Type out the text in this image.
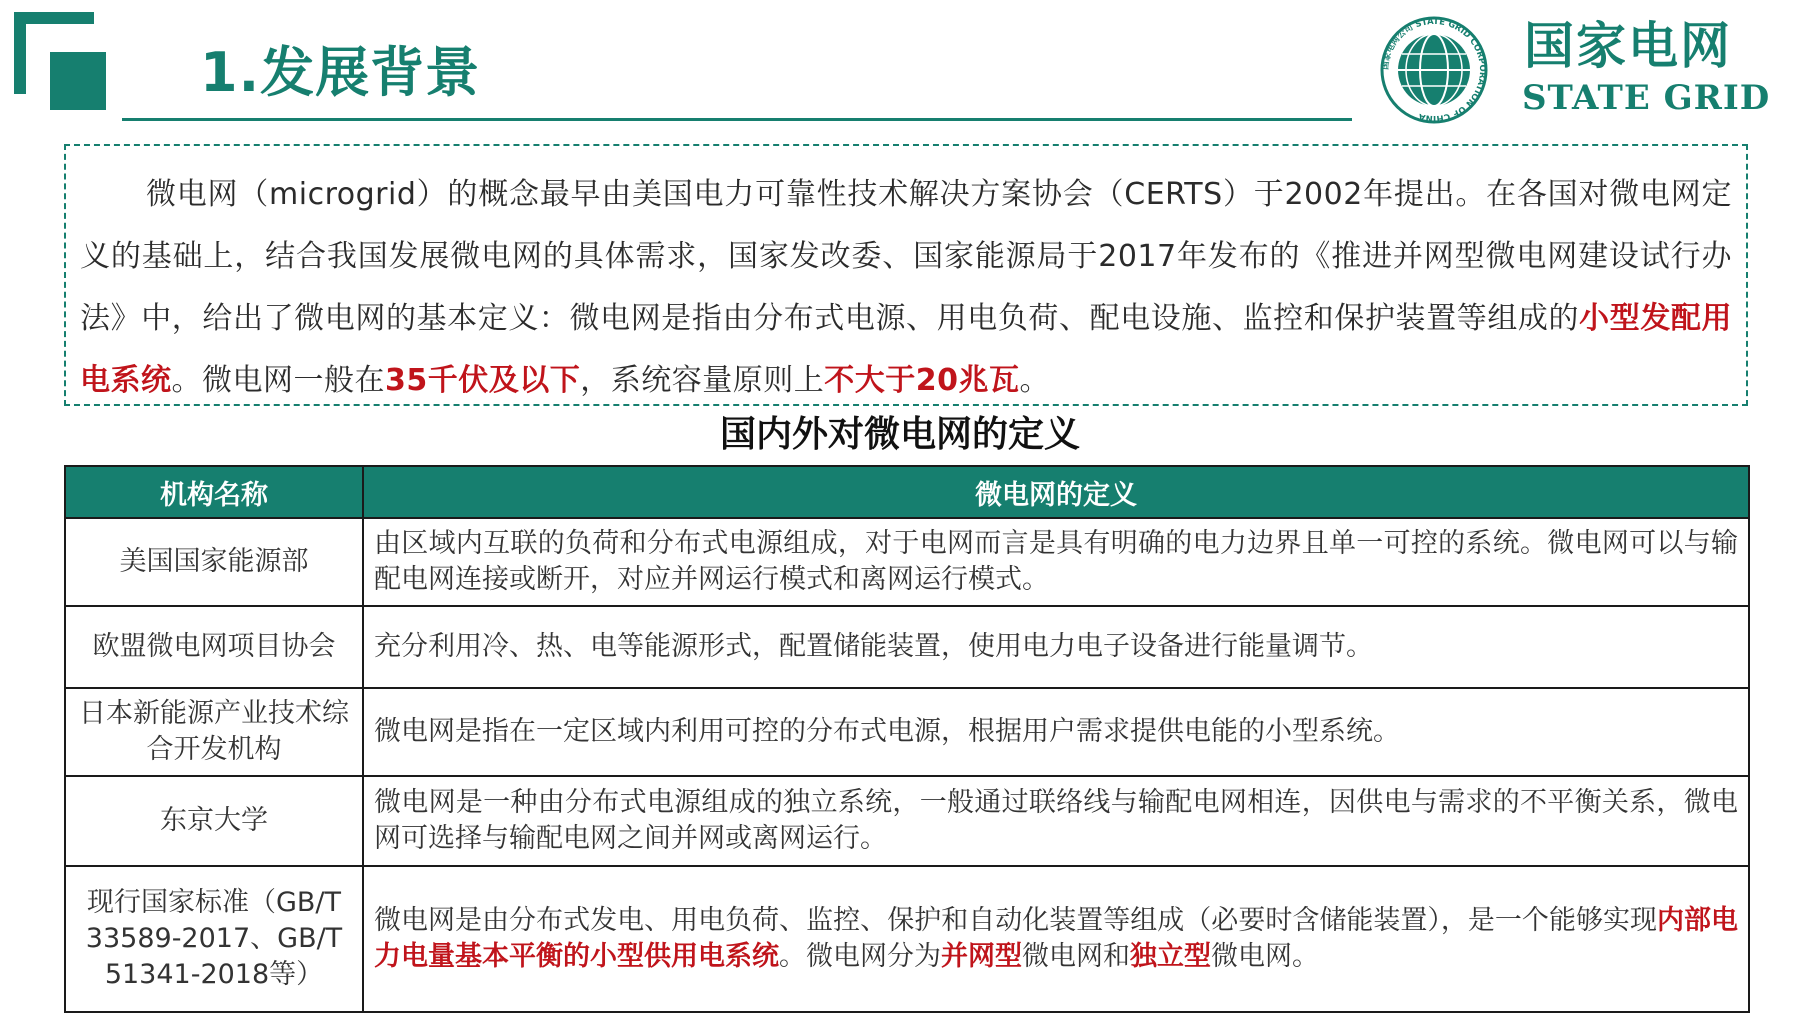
1.发展背景	国家电网公司 STATE GRID CORPORATION OF CHINA
国家电网
STATE GRID
微电网（microgrid）的概念最早由美国电力可靠性技术解决方案协会（CERTS）于2002年提出。在各国对微电网定义的基础上，结合我国发展微电网的具体需求，国家发改委、国家能源局于2017年发布的《推进并网型微电网建设试行办法》中，给出了微电网的基本定义：微电网是指由分布式电源、用电负荷、配电设施、监控和保护装置等组成的小型发配用电系统。微电网一般在35千伏及以下，系统容量原则上不大于20兆瓦。
国内外对微电网的定义
机构名称	微电网的定义
美国国家能源部	由区域内互联的负荷和分布式电源组成，对于电网而言是具有明确的电力边界且单一可控的系统。微电网可以与输配电网连接或断开，对应并网运行模式和离网运行模式。
欧盟微电网项目协会	充分利用冷、热、电等能源形式，配置储能装置，使用电力电子设备进行能量调节。
日本新能源产业技术综合开发机构	微电网是指在一定区域内利用可控的分布式电源，根据用户需求提供电能的小型系统。
东京大学	微电网是一种由分布式电源组成的独立系统，一般通过联络线与输配电网相连，因供电与需求的不平衡关系，微电网可选择与输配电网之间并网或离网运行。
现行国家标准（GB/T 33589-2017、GB/T 51341-2018等）	微电网是由分布式发电、用电负荷、监控、保护和自动化装置等组成（必要时含储能装置），是一个能够实现内部电力电量基本平衡的小型供用电系统。微电网分为并网型微电网和独立型微电网。
